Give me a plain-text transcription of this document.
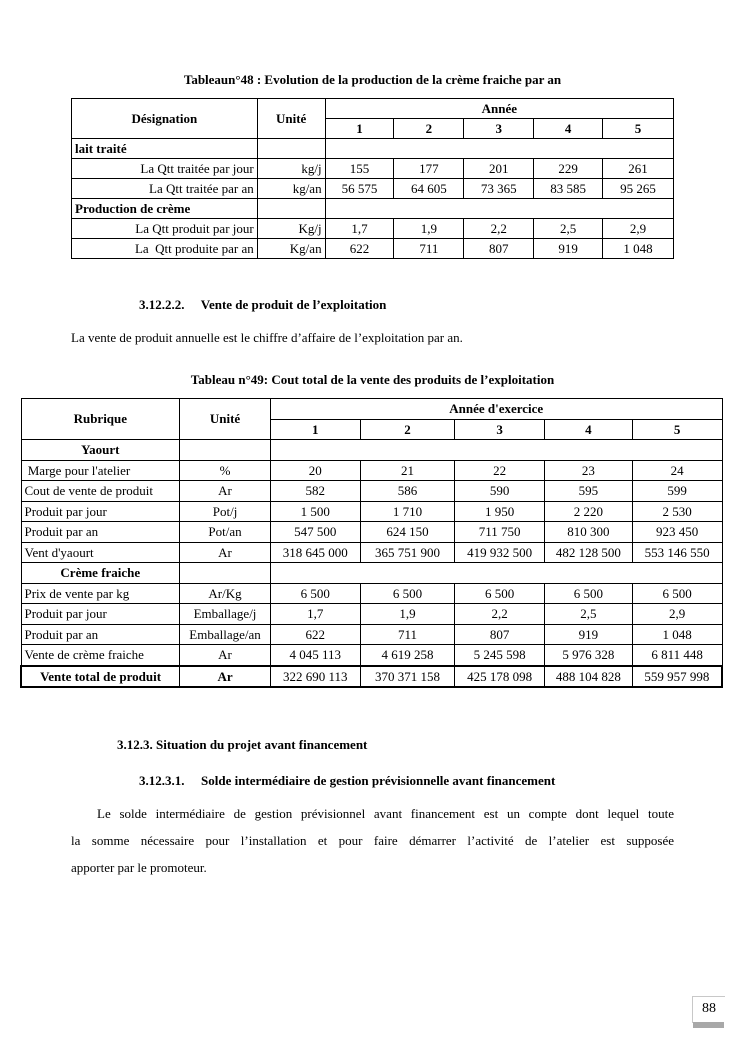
Tableaun°48 : Evolution de la production de la crème fraiche par an
Désignation	Unité	Année				
		1	2	3	4	5
lait traité						
La Qtt traitée par jour	kg/j	155	177	201	229	261
La Qtt traitée par an	kg/an	56 575	64 605	73 365	83 585	95 265
Production de crème						
La Qtt produit par jour	Kg/j	1,7	1,9	2,2	2,5	2,9
La  Qtt produite par an	Kg/an	622	711	807	919	1 048
3.12.2.2. Vente de produit de l’exploitation
La vente de produit annuelle est le chiffre d’affaire de l’exploitation par an.
Tableau n°49: Cout total de la vente des produits de l’exploitation
Rubrique	Unité	Année d'exercice				
		1	2	3	4	5
Yaourt						
Marge pour l'atelier	%	20	21	22	23	24
Cout de vente de produit	Ar	582	586	590	595	599
Produit par jour	Pot/j	1 500	1 710	1 950	2 220	2 530
Produit par an	Pot/an	547 500	624 150	711 750	810 300	923 450
Vent d'yaourt	Ar	318 645 000	365 751 900	419 932 500	482 128 500	553 146 550
Crème fraiche						
Prix de vente par kg	Ar/Kg	6 500	6 500	6 500	6 500	6 500
Produit par jour	Emballage/j	1,7	1,9	2,2	2,5	2,9
Produit par an	Emballage/an	622	711	807	919	1 048
Vente de crème fraiche	Ar	4 045 113	4 619 258	5 245 598	5 976 328	6 811 448
Vente total de produit	Ar	322 690 113	370 371 158	425 178 098	488 104 828	559 957 998
3.12.3. Situation du projet avant financement
3.12.3.1. Solde intermédiaire de gestion prévisionnelle avant financement
Le solde intermédiaire de gestion prévisionnel avant financement est un compte dont lequel toute
la somme nécessaire pour l’installation et pour faire démarrer l’activité de l’atelier est supposée
apporter par le promoteur.
88
